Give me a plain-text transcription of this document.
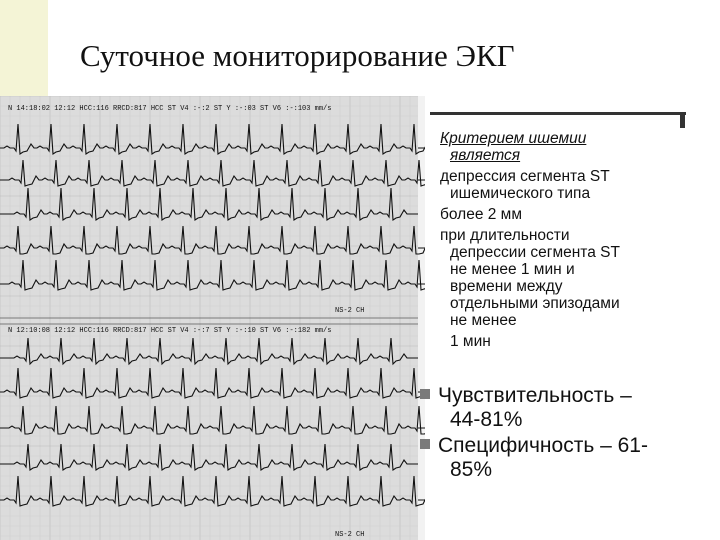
Суточное мониторирование ЭКГ
N 14:18:02 12:12 HCC:116 RRCD:817 HCC ST V4 :-:2 ST Y :-:03 ST V6 :-:103 mm/s
NS-2 CH
N 12:10:08 12:12 HCC:116 RRCD:817 HCC ST V4 :-:7 ST Y :-:10 ST V6 :-:182 mm/s
NS-2 CH
Критерием ишемии
является
депрессия сегмента ST
ишемического типа
более 2 мм
при длительности
депрессии сегмента ST
не менее 1 мин и
времени между
отдельными эпизодами
не менее
1 мин
Чувствительность –
44-81%
Специфичность – 61-
85%
